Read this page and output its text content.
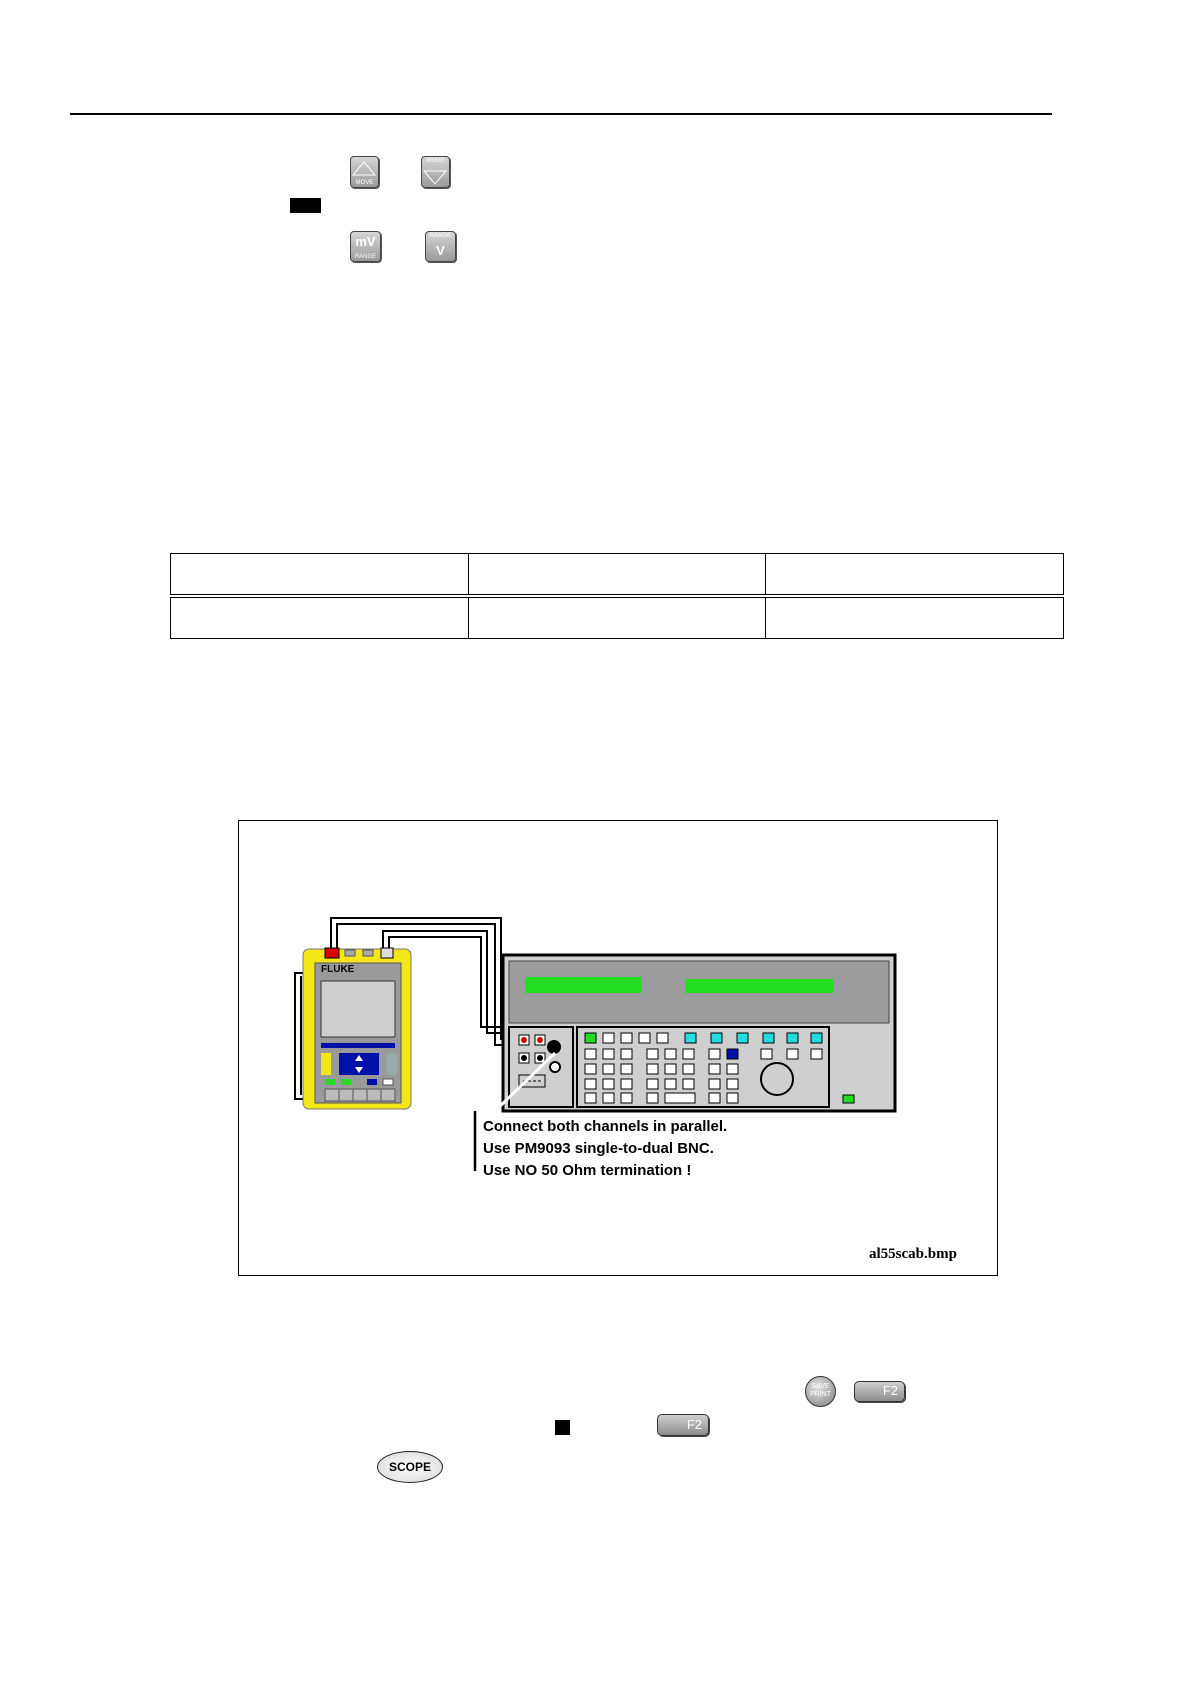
MOVE
MOVE
mV
RANGE
RANGE
V

FLUKE
Connect both channels in parallel.
Use PM9093 single-to-dual BNC.
Use NO 50 Ohm termination !
al55scab.bmp
SAVE PRINT	F2
F2
SCOPE
